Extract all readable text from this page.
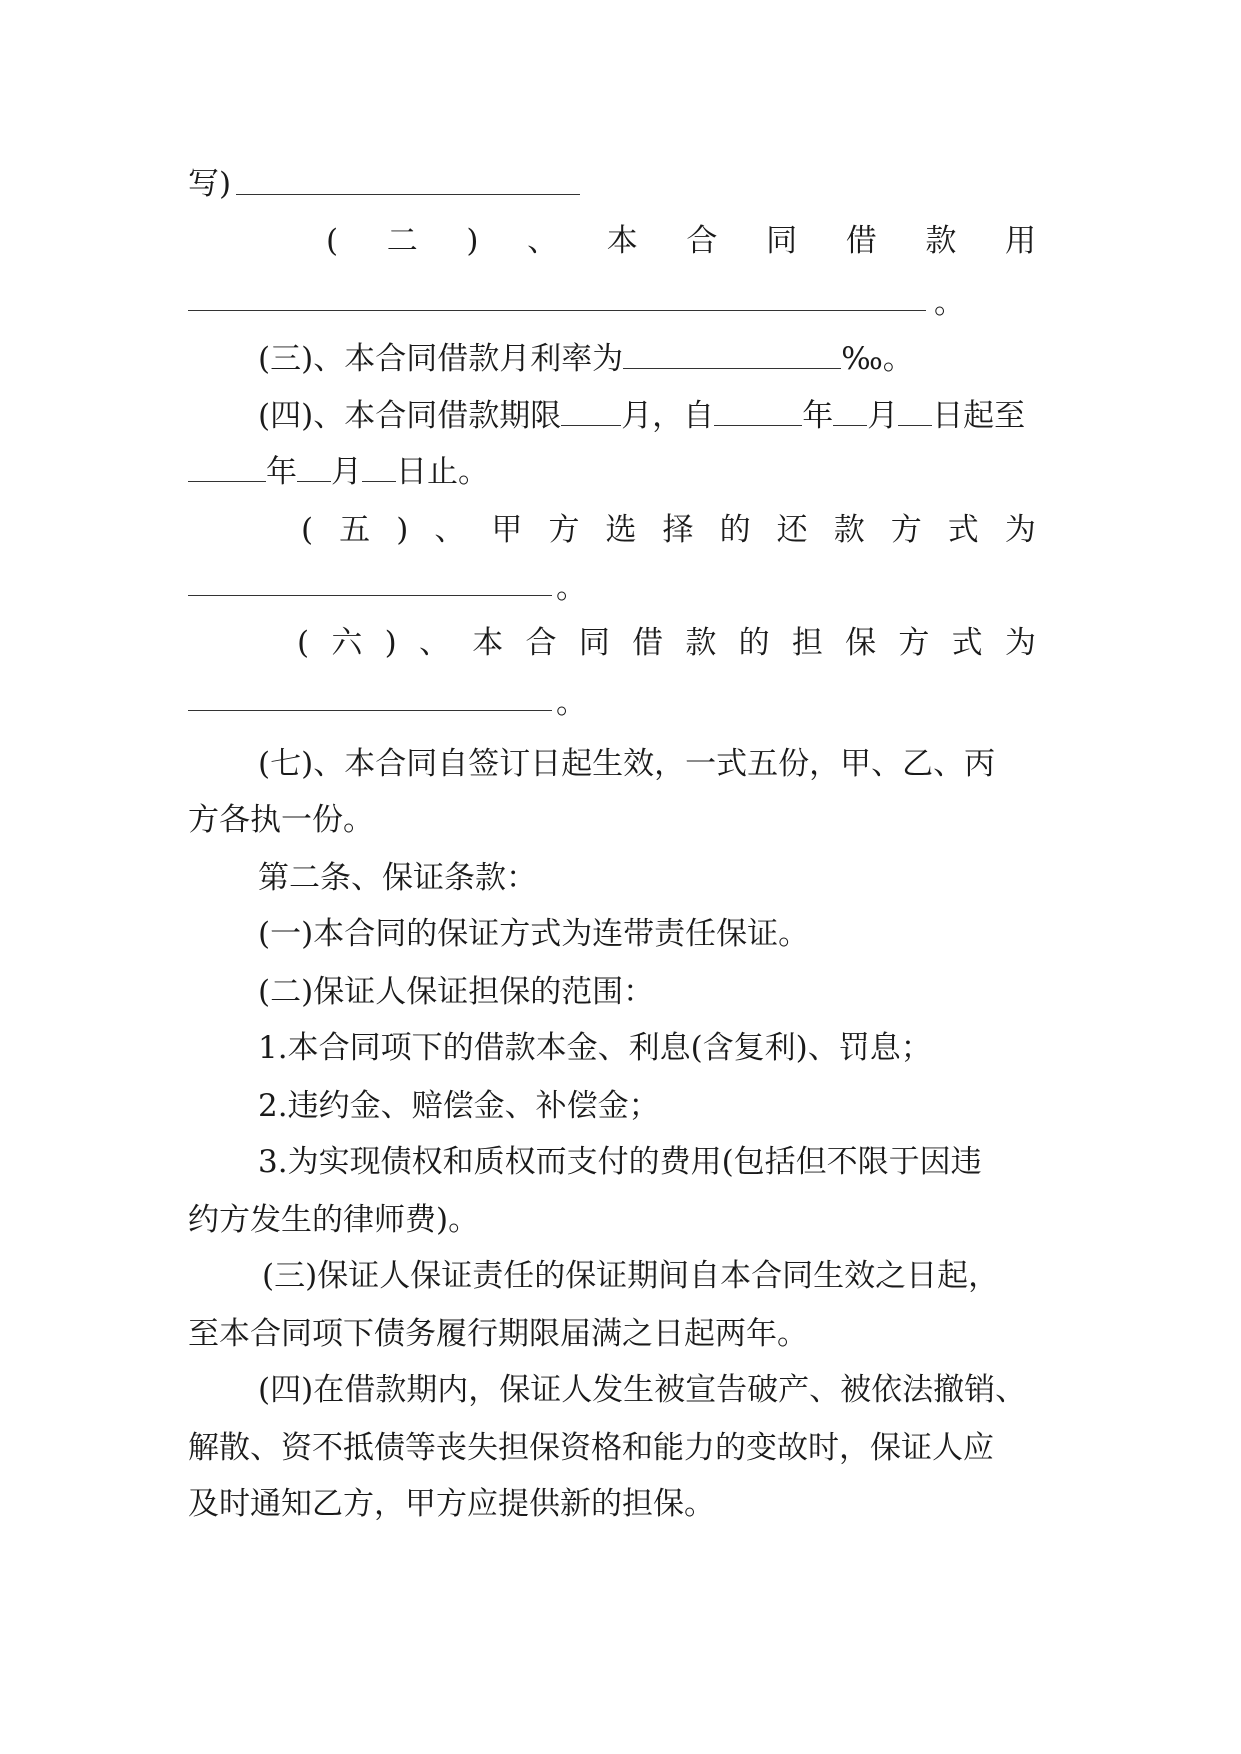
写)
( 二 ) 、 本 合 同 借 款 用
。
(三)、本合同借款月利率为	‰。
(四)、本合同借款期限 月，自	年 月 日起至
年 月 日止。
( 五 ) 、 甲 方 选 择 的 还 款 方 式 为
。
( 六 ) 、 本 合 同 借 款 的 担 保 方 式 为
。
(七)、本合同自签订日起生效，一式五份，甲、乙、丙
方各执一份。
第二条、保证条款：
(一)本合同的保证方式为连带责任保证。
(二)保证人保证担保的范围：
1.本合同项下的借款本金、利息(含复利)、罚息；
2.违约金、赔偿金、补偿金；
3.为实现债权和质权而支付的费用(包括但不限于因违
约方发生的律师费)。
(三)保证人保证责任的保证期间自本合同生效之日起，
至本合同项下债务履行期限届满之日起两年。
(四)在借款期内，保证人发生被宣告破产、被依法撤销、
解散、资不抵债等丧失担保资格和能力的变故时，保证人应
及时通知乙方，甲方应提供新的担保。
